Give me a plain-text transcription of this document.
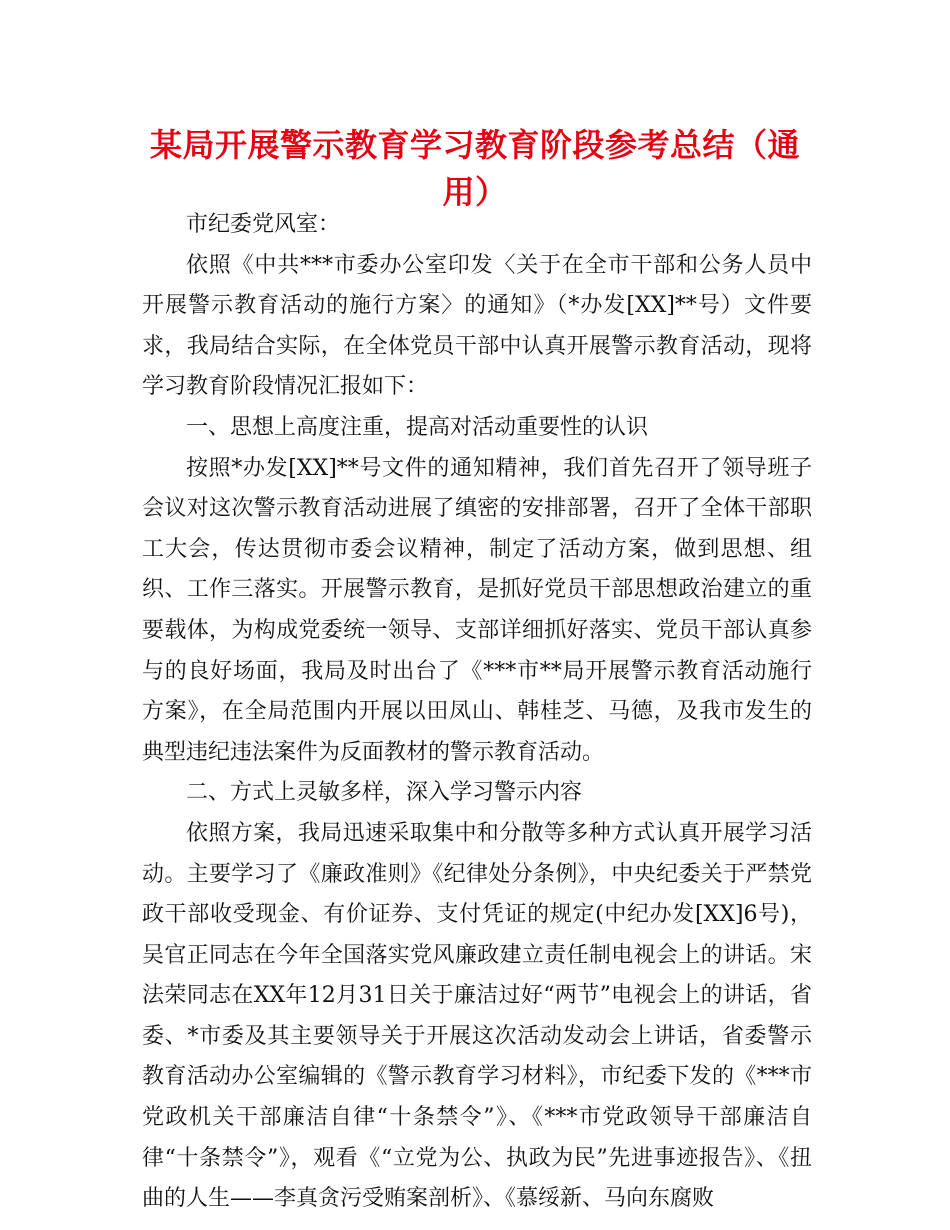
某局开展警示教育学习教育阶段参考总结（通用）

市纪委党风室：

依照《中共***市委办公室印发〈关于在全市干部和公务人员中开展警示教育活动的施行方案〉的通知》（*办发[XX]**号）文件要求，我局结合实际，在全体党员干部中认真开展警示教育活动，现将学习教育阶段情况汇报如下：

一、思想上高度注重，提高对活动重要性的认识

按照*办发[XX]**号文件的通知精神，我们首先召开了领导班子会议对这次警示教育活动进展了缜密的安排部署，召开了全体干部职工大会，传达贯彻市委会议精神，制定了活动方案，做到思想、组织、工作三落实。开展警示教育，是抓好党员干部思想政治建立的重要载体，为构成党委统一领导、支部详细抓好落实、党员干部认真参与的良好场面，我局及时出台了《***市**局开展警示教育活动施行方案》，在全局范围内开展以田凤山、韩桂芝、马德，及我市发生的典型违纪违法案件为反面教材的警示教育活动。

二、方式上灵敏多样，深入学习警示内容

依照方案，我局迅速采取集中和分散等多种方式认真开展学习活动。主要学习了《廉政准则》《纪律处分条例》，中央纪委关于严禁党政干部收受现金、有价证券、支付凭证的规定(中纪办发[XX]6号)，吴官正同志在今年全国落实党风廉政建立责任制电视会上的讲话。宋法荣同志在XX年12月31日关于廉洁过好“两节”电视会上的讲话，省委、*市委及其主要领导关于开展这次活动发动会上讲话，省委警示教育活动办公室编辑的《警示教育学习材料》，市纪委下发的《***市党政机关干部廉洁自律“十条禁令”》、《***市党政领导干部廉洁自律“十条禁令”》，观看《“立党为公、执政为民”先进事迹报告》、《扭曲的人生——李真贪污受贿案剖析》、《慕绥新、马向东腐败
